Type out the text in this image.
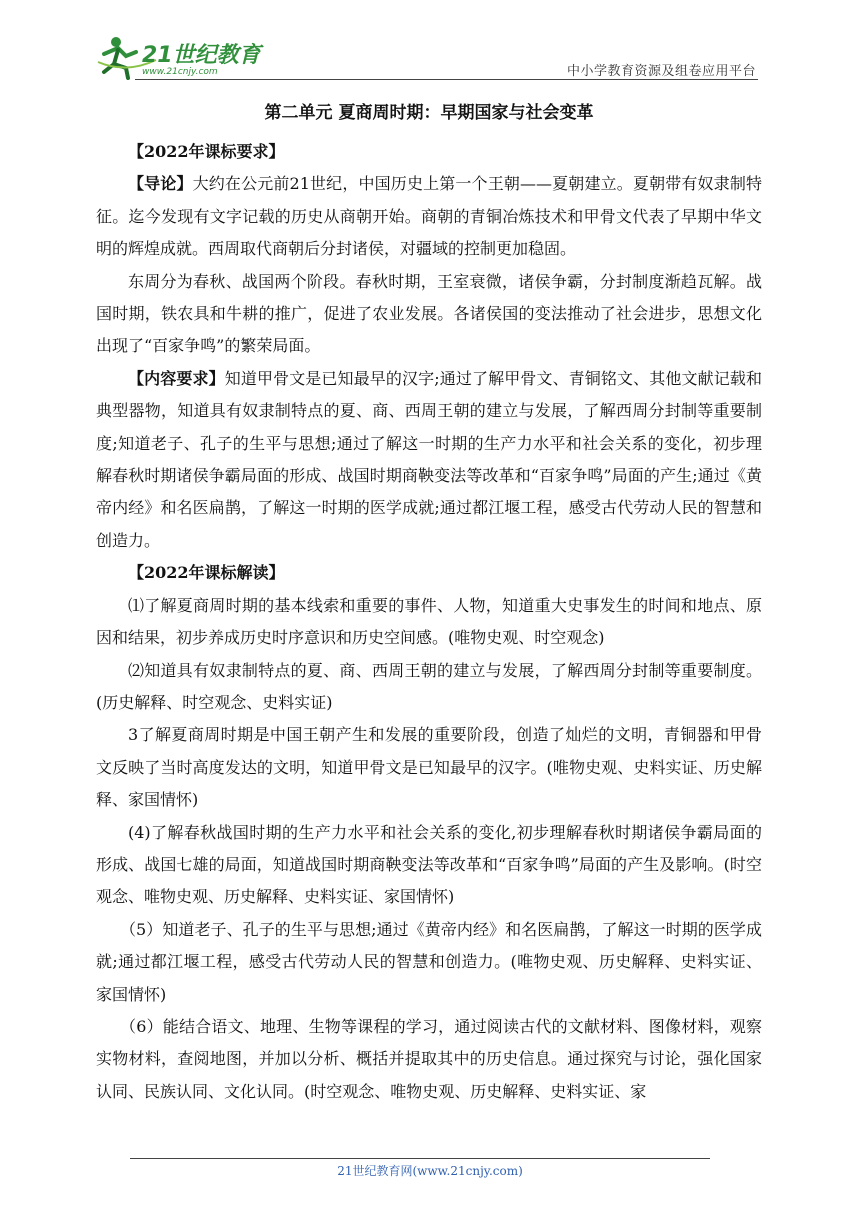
21世纪教育
www.21cnjy.com	中小学教育资源及组卷应用平台
第二单元 夏商周时期：早期国家与社会变革

【2022年课标要求】

【导论】大约在公元前21世纪，中国历史上第一个王朝——夏朝建立。夏朝带有奴隶制特征。迄今发现有文字记载的历史从商朝开始。商朝的青铜冶炼技术和甲骨文代表了早期中华文明的辉煌成就。西周取代商朝后分封诸侯，对疆域的控制更加稳固。

东周分为春秋、战国两个阶段。春秋时期，王室衰微，诸侯争霸，分封制度渐趋瓦解。战国时期，铁农具和牛耕的推广，促进了农业发展。各诸侯国的变法推动了社会进步，思想文化出现了“百家争鸣”的繁荣局面。

【内容要求】知道甲骨文是已知最早的汉字;通过了解甲骨文、青铜铭文、其他文献记载和典型器物，知道具有奴隶制特点的夏、商、西周王朝的建立与发展，了解西周分封制等重要制度;知道老子、孔子的生平与思想;通过了解这一时期的生产力水平和社会关系的变化，初步理解春秋时期诸侯争霸局面的形成、战国时期商鞅变法等改革和“百家争鸣”局面的产生;通过《黄帝内经》和名医扁鹊，了解这一时期的医学成就;通过都江堰工程，感受古代劳动人民的智慧和创造力。

【2022年课标解读】

⑴了解夏商周时期的基本线索和重要的事件、人物，知道重大史事发生的时间和地点、原因和结果，初步养成历史时序意识和历史空间感。(唯物史观、时空观念)

⑵知道具有奴隶制特点的夏、商、西周王朝的建立与发展，了解西周分封制等重要制度。(历史解释、时空观念、史料实证)

3了解夏商周时期是中国王朝产生和发展的重要阶段，创造了灿烂的文明，青铜器和甲骨文反映了当时高度发达的文明，知道甲骨文是已知最早的汉字。(唯物史观、史料实证、历史解释、家国情怀)

(4)了解春秋战国时期的生产力水平和社会关系的变化,初步理解春秋时期诸侯争霸局面的形成、战国七雄的局面，知道战国时期商鞅变法等改革和“百家争鸣”局面的产生及影响。(时空观念、唯物史观、历史解释、史料实证、家国情怀)

（5）知道老子、孔子的生平与思想;通过《黄帝内经》和名医扁鹊，了解这一时期的医学成就;通过都江堰工程，感受古代劳动人民的智慧和创造力。(唯物史观、历史解释、史料实证、家国情怀)

（6）能结合语文、地理、生物等课程的学习，通过阅读古代的文献材料、图像材料，观察实物材料，查阅地图，并加以分析、概括并提取其中的历史信息。通过探究与讨论，强化国家认同、民族认同、文化认同。(时空观念、唯物史观、历史解释、史料实证、家

21世纪教育网(www.21cnjy.com)
